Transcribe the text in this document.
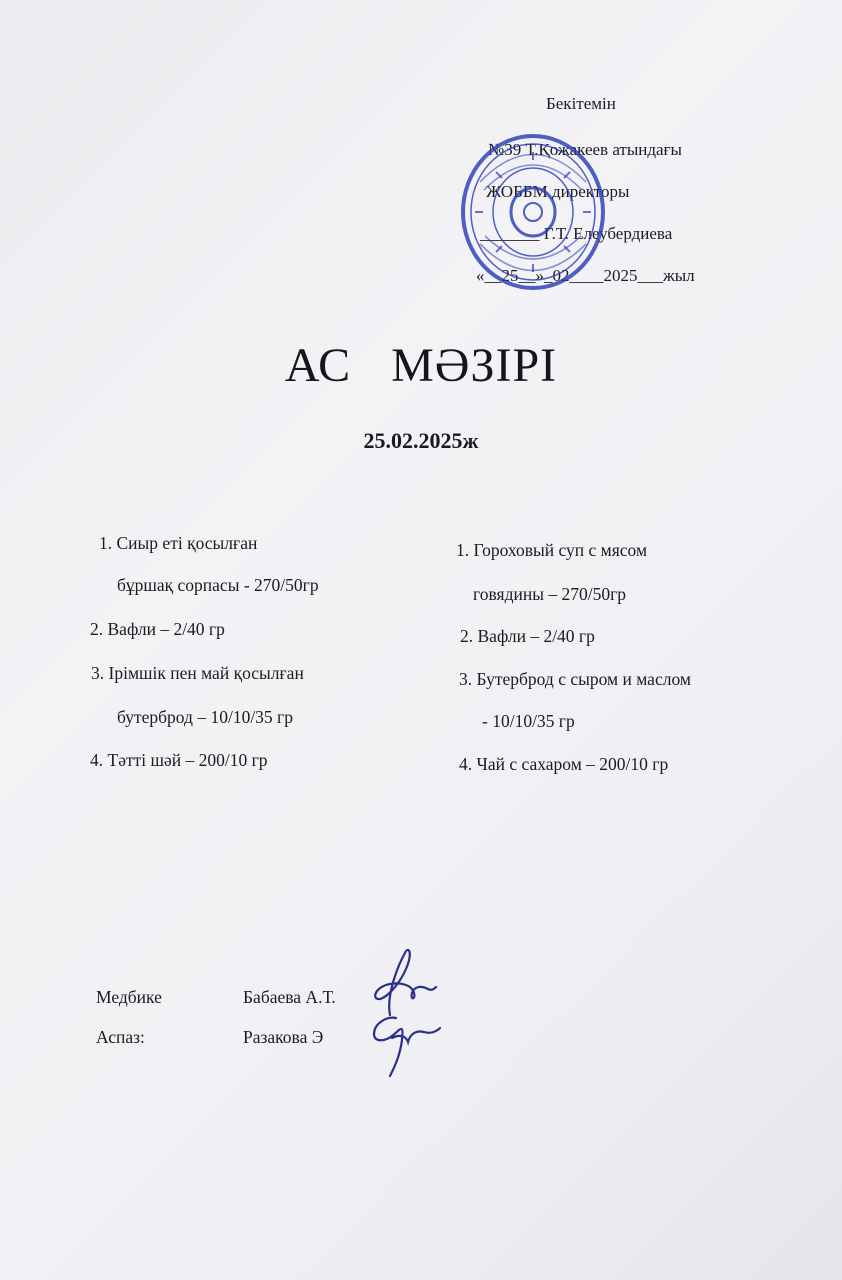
Бекітемін
№39 Т.Қожакеев атындағы
ЖОББМ директоры
_______ Г.Т. Елеубердиева
«__25__»_02____2025___жыл
АС МӘЗІРІ
25.02.2025ж
1. Сиыр еті қосылған
бұршақ сорпасы - 270/50гр
2. Вафли – 2/40 гр
3. Ірімшік пен май қосылған
бутерброд – 10/10/35 гр
4. Тәтті шәй – 200/10 гр
1. Гороховый суп с мясом
говядины – 270/50гр
2. Вафли – 2/40 гр
3. Бутерброд с сыром и маслом
- 10/10/35 гр
4. Чай с сахаром – 200/10 гр
Медбике	Бабаева А.Т.
Аспаз:	Разакова Э
